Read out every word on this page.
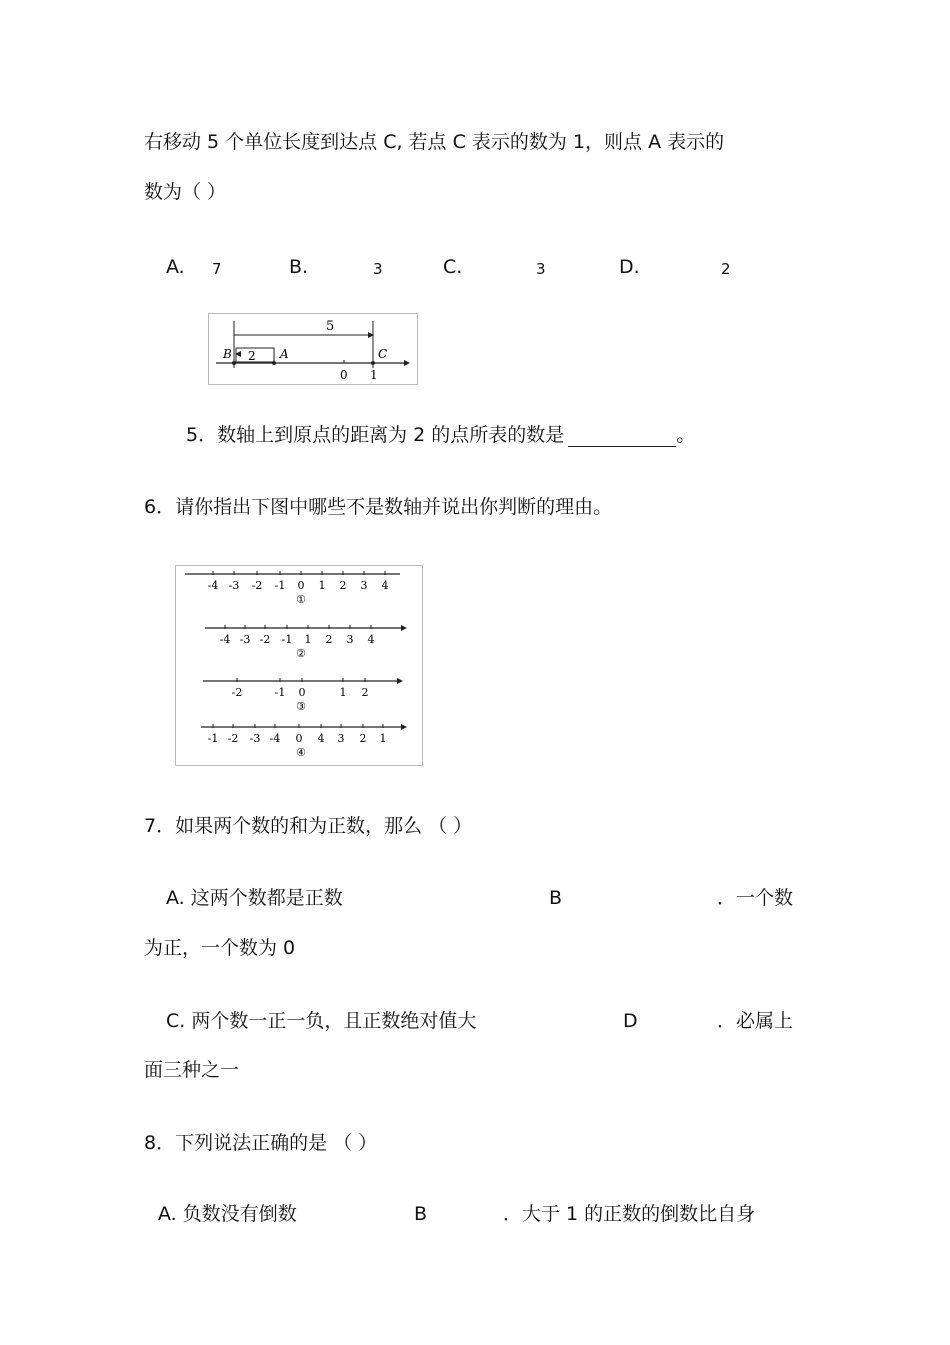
右移动 5 个单位长度到达点 C, 若点 C 表示的数为 1，则点 A 表示的
数为（ ）
A. 7	B.	3	C.	3	D.	2
5
2
B	A	C
0 1
5．数轴上到原点的距离为 2 的点所表的数是	。
6．请你指出下图中哪些不是数轴并说出你判断的理由。
-4 -3 -2 -1 0 1 2 3 4
①
-4 -3 -2 -1 1 2 3 4
②
-2	-1 0	1 2
③
-1 -2 -3 -4 0 4 3 2 1
④
7．如果两个数的和为正数，那么 （ ）
A. 这两个数都是正数	B	．一个数
为正，一个数为 0
C. 两个数一正一负，且正数绝对值大	D	．必属上
面三种之一
8．下列说法正确的是 （ ）
A. 负数没有倒数	B	．大于 1 的正数的倒数比自身
